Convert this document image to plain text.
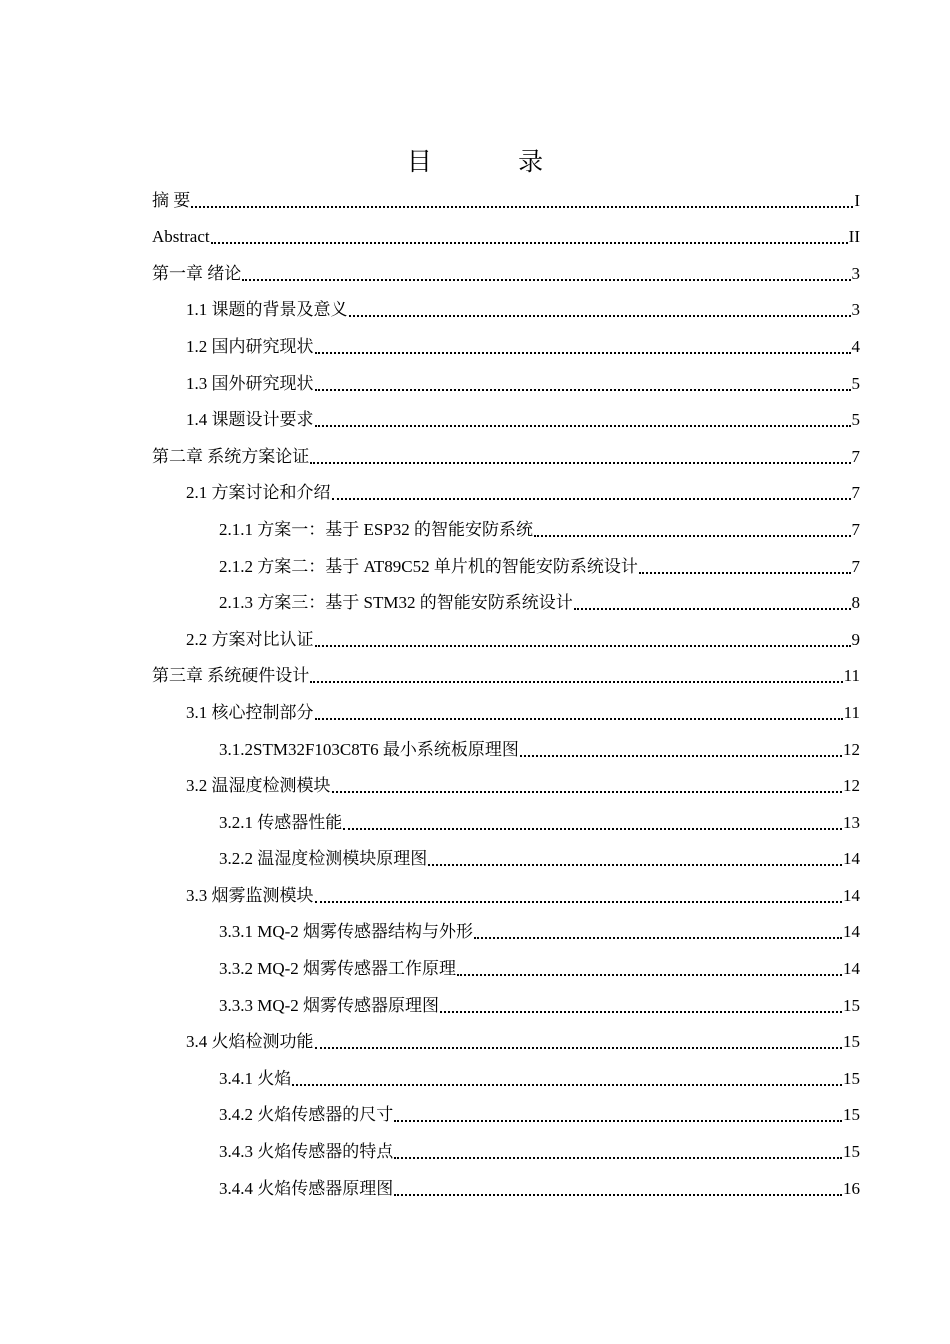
目 录
摘 要	I
Abstract	II
第一章 绪论	3
1.1 课题的背景及意义	3
1.2 国内研究现状	4
1.3 国外研究现状	5
1.4 课题设计要求	5
第二章 系统方案论证	7
2.1 方案讨论和介绍	7
2.1.1 方案一：基于 ESP32 的智能安防系统	7
2.1.2 方案二：基于 AT89C52 单片机的智能安防系统设计	7
2.1.3 方案三：基于 STM32 的智能安防系统设计	8
2.2 方案对比认证	9
第三章 系统硬件设计	11
3.1 核心控制部分	11
3.1.2STM32F103C8T6 最小系统板原理图	12
3.2 温湿度检测模块	12
3.2.1 传感器性能	13
3.2.2 温湿度检测模块原理图	14
3.3 烟雾监测模块	14
3.3.1 MQ-2 烟雾传感器结构与外形	14
3.3.2 MQ-2 烟雾传感器工作原理	14
3.3.3 MQ-2 烟雾传感器原理图	15
3.4 火焰检测功能	15
3.4.1 火焰	15
3.4.2 火焰传感器的尺寸	15
3.4.3 火焰传感器的特点	15
3.4.4 火焰传感器原理图	16
